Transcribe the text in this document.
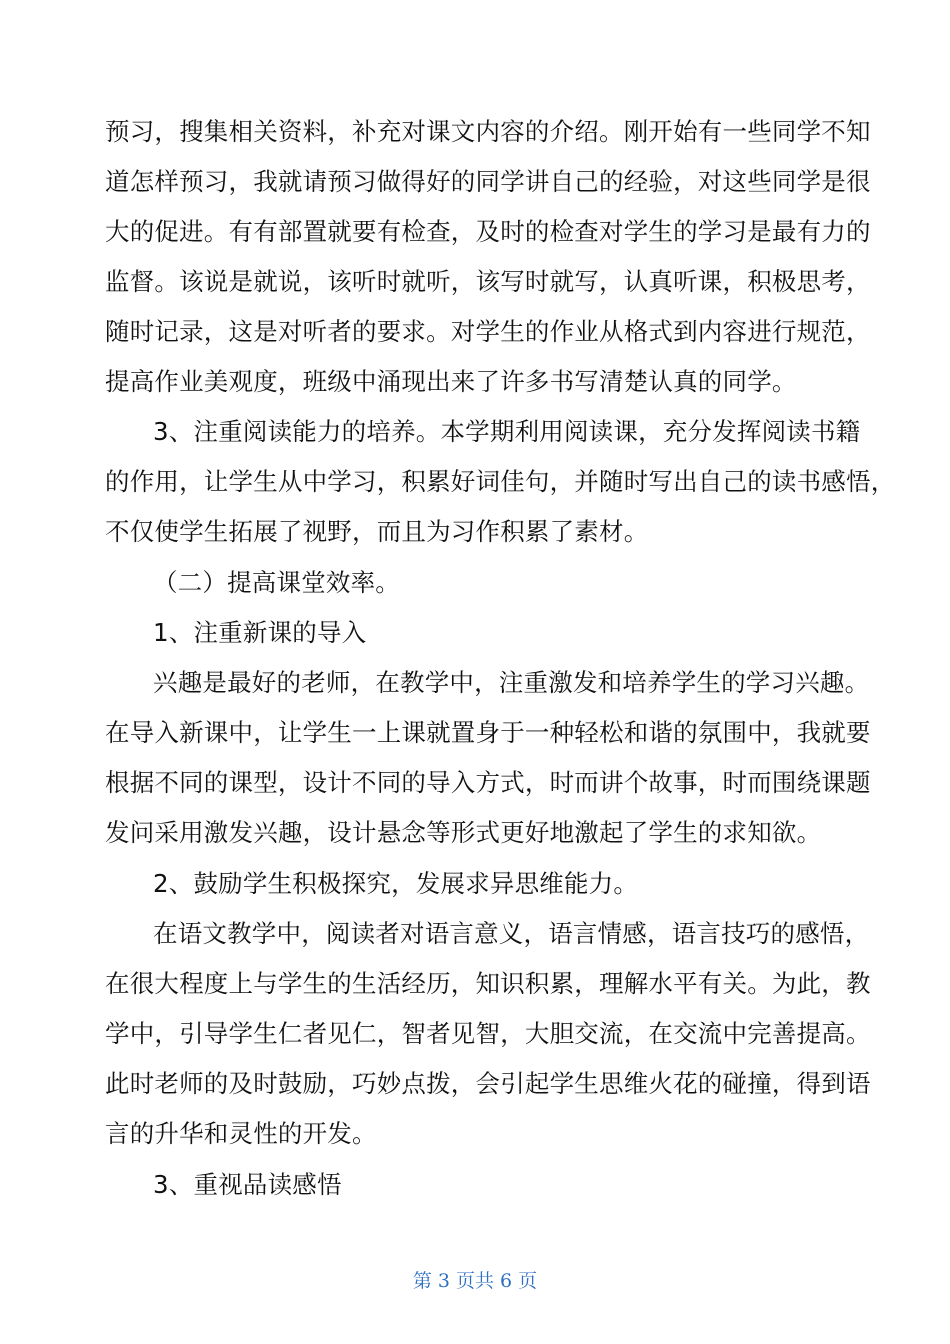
预习，搜集相关资料，补充对课文内容的介绍。刚开始有一些同学不知
道怎样预习，我就请预习做得好的同学讲自己的经验，对这些同学是很
大的促进。有有部置就要有检查，及时的检查对学生的学习是最有力的
监督。该说是就说，该听时就听，该写时就写，认真听课，积极思考，
随时记录，这是对听者的要求。对学生的作业从格式到内容进行规范，
提高作业美观度，班级中涌现出来了许多书写清楚认真的同学。
3、注重阅读能力的培养。本学期利用阅读课，充分发挥阅读书籍
的作用，让学生从中学习，积累好词佳句，并随时写出自己的读书感悟，
不仅使学生拓展了视野，而且为习作积累了素材。
（二）提高课堂效率。
1、注重新课的导入
兴趣是最好的老师，在教学中，注重激发和培养学生的学习兴趣。
在导入新课中，让学生一上课就置身于一种轻松和谐的氛围中，我就要
根据不同的课型，设计不同的导入方式，时而讲个故事，时而围绕课题
发问采用激发兴趣，设计悬念等形式更好地激起了学生的求知欲。
2、鼓励学生积极探究，发展求异思维能力。
在语文教学中，阅读者对语言意义，语言情感，语言技巧的感悟，
在很大程度上与学生的生活经历，知识积累，理解水平有关。为此，教
学中，引导学生仁者见仁，智者见智，大胆交流，在交流中完善提高。
此时老师的及时鼓励，巧妙点拨，会引起学生思维火花的碰撞，得到语
言的升华和灵性的开发。
3、重视品读感悟
第 3 页共 6 页
